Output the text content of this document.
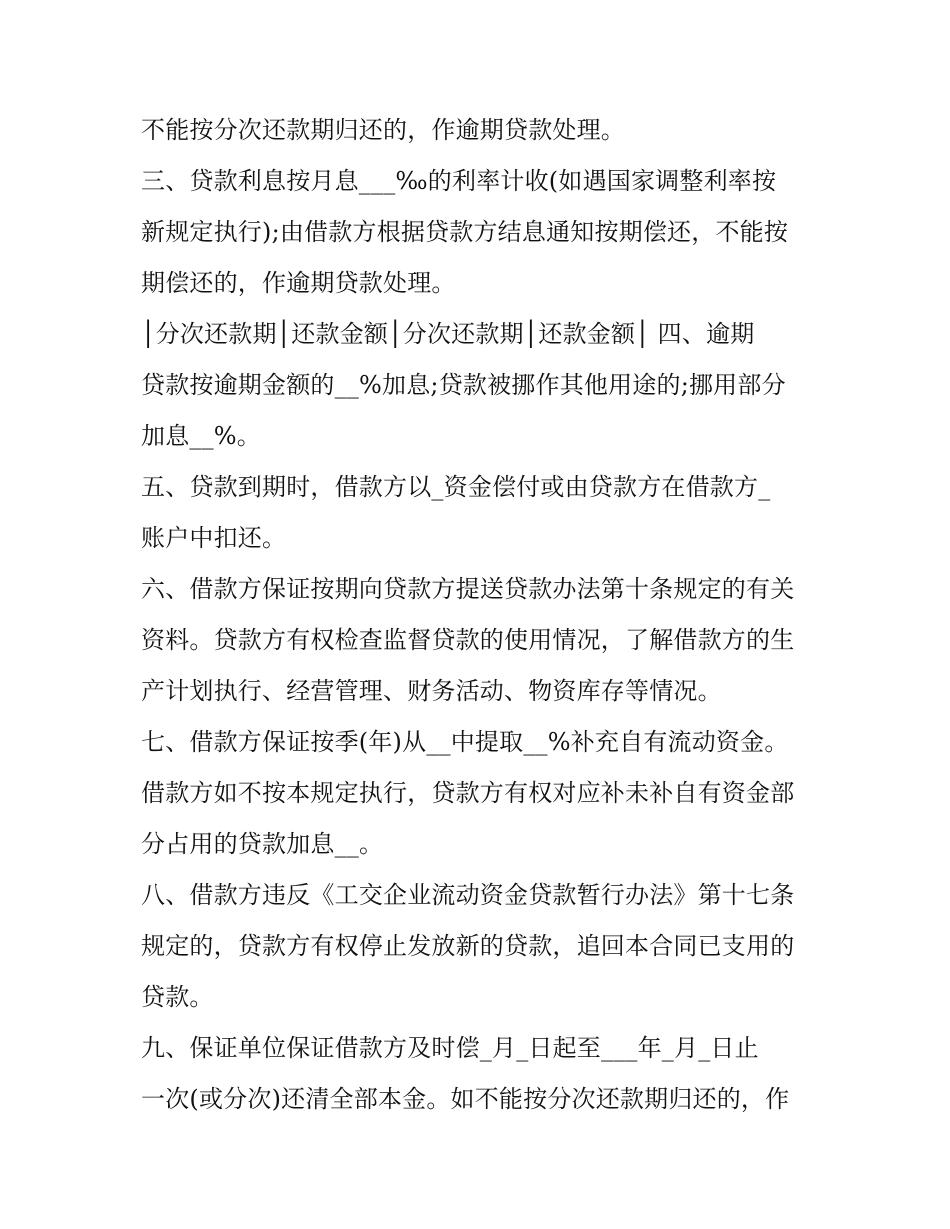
不能按分次还款期归还的，作逾期贷款处理。
三、贷款利息按月息___‰的利率计收(如遇国家调整利率按
新规定执行);由借款方根据贷款方结息通知按期偿还，不能按
期偿还的，作逾期贷款处理。
│分次还款期│还款金额│分次还款期│还款金额│ 四、逾期
贷款按逾期金额的__%加息;贷款被挪作其他用途的;挪用部分
加息__%。
五、贷款到期时，借款方以_资金偿付或由贷款方在借款方_
账户中扣还。
六、借款方保证按期向贷款方提送贷款办法第十条规定的有关
资料。贷款方有权检查监督贷款的使用情况，了解借款方的生
产计划执行、经营管理、财务活动、物资库存等情况。
七、借款方保证按季(年)从__中提取__%补充自有流动资金。
借款方如不按本规定执行，贷款方有权对应补未补自有资金部
分占用的贷款加息__。
八、借款方违反《工交企业流动资金贷款暂行办法》第十七条
规定的，贷款方有权停止发放新的贷款，追回本合同已支用的
贷款。
九、保证单位保证借款方及时偿_月_日起至___年_月_日止
一次(或分次)还清全部本金。如不能按分次还款期归还的，作
